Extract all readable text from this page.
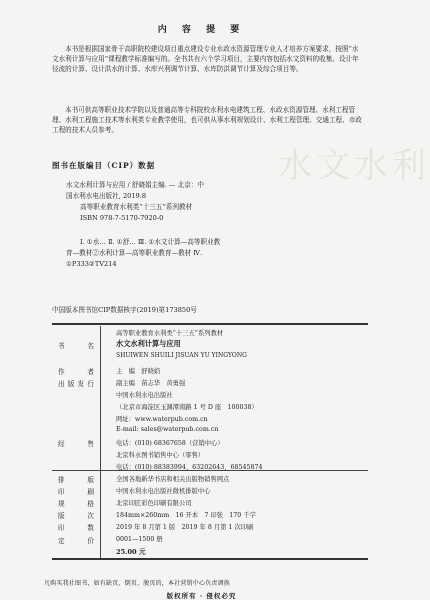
水文水利
内 容 提 要

本书是根据国家骨干高职院校建设项目重点建设专业水政水资源管理专业人才培养方案要求，按照“水文水利计算与应用”课程教学标准编写的。全书共有六个学习项目，主要内容包括水文资料的收集、设计年径流的计算、设计洪水的计算、水库兴利调节计算、水库防洪调节计算及综合项目等。

本书可供高等职业技术学院以及普通高等专科院校水利水电建筑工程、水政水资源管理、水利工程管理、水利工程施工技术等水利类专业教学使用，也可供从事水利规划设计、水利工程管理、交通工程、市政工程的技术人员参考。

图书在版编目（CIP）数据
水文水利计算与应用 / 舒晓娟主编. — 北京：中
国水利水电出版社, 2019.8
高等职业教育水利类“十三五”系列教材
ISBN 978-7-5170-7920-0
Ⅰ. ①水… Ⅱ. ①舒… Ⅲ. ①水文计算—高等职业教
育—教材②水利计算—高等职业教育—教材 Ⅳ.
①P333②TV214
中国版本图书馆CIP数据核字(2019)第173850号
书名
作者
出版发行
经售
排版
印刷
规格
版次
印数
定价
高等职业教育水利类“十三五”系列教材
水文水利计算与应用
SHUIWEN SHUILI JISUAN YU YINGYONG
主　编　舒晓娟
副主编　苗志华　黄勇强
中国水利水电出版社
（北京市海淀区玉渊潭南路 1 号 D 座　100038）
网址：www.waterpub.com.cn
E-mail: sales@waterpub.com.cn
电话：(010) 68367658（营销中心）
北京科水图书销售中心（零售）
电话：(010) 88383994、63202643、68545874
全国各地新华书店和相关出版物销售网点
中国水利水电出版社微机排版中心
北京印匠彩色印刷有限公司
184mm×260mm　16 开本　7 印张　170 千字
2019 年 8 月第 1 版　2019 年 8 月第 1 次印刷
0001—1500 册
25.00 元
凡购买我社图书，如有缺页、倒页、脱页的，本社营销中心负责调换
版权所有 · 侵权必究
